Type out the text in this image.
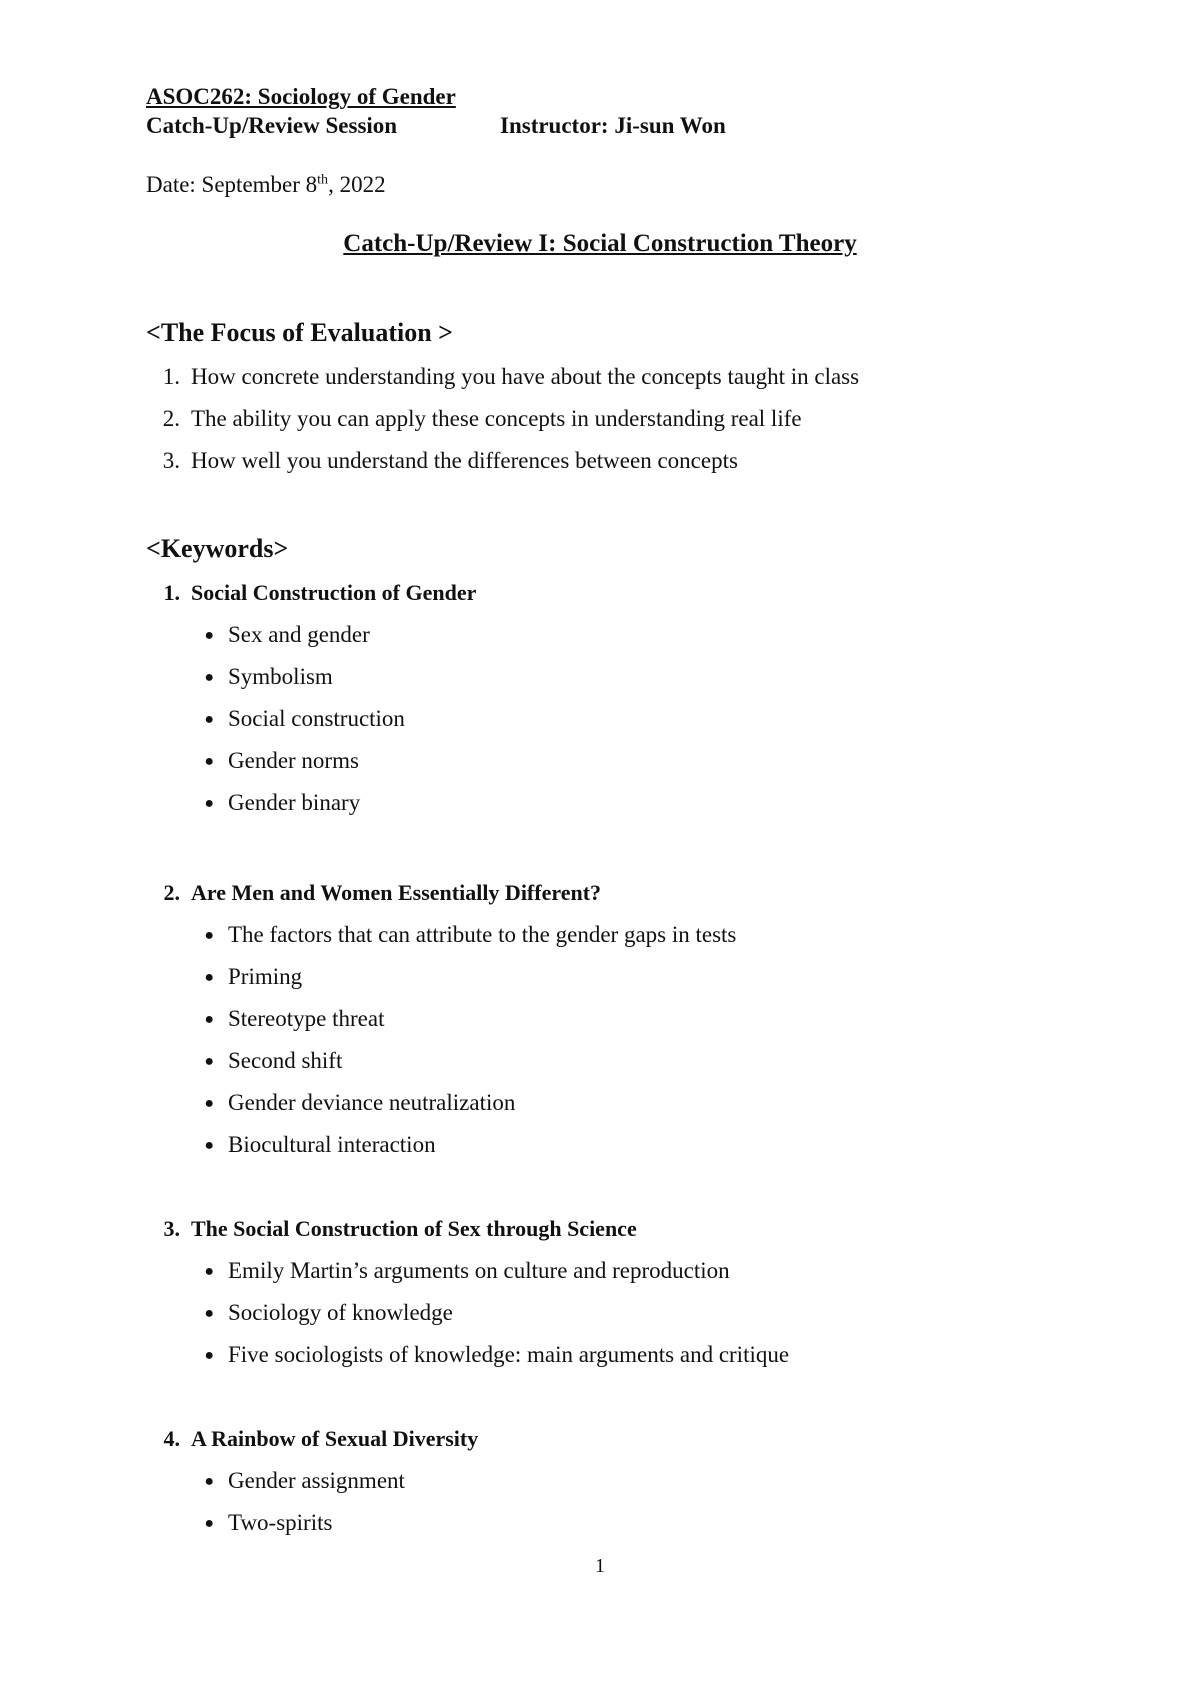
ASOC262: Sociology of Gender
Catch-Up/Review Session	Instructor: Ji-sun Won
Date: September 8th, 2022
Catch-Up/Review I: Social Construction Theory
<The Focus of Evaluation >
1. How concrete understanding you have about the concepts taught in class
2. The ability you can apply these concepts in understanding real life
3. How well you understand the differences between concepts
<Keywords>
1. Social Construction of Gender
● Sex and gender
● Symbolism
● Social construction
● Gender norms
● Gender binary
2. Are Men and Women Essentially Different?
● The factors that can attribute to the gender gaps in tests
● Priming
● Stereotype threat
● Second shift
● Gender deviance neutralization
● Biocultural interaction
3. The Social Construction of Sex through Science
● Emily Martin’s arguments on culture and reproduction
● Sociology of knowledge
● Five sociologists of knowledge: main arguments and critique
4. A Rainbow of Sexual Diversity
● Gender assignment
● Two-spirits
1
